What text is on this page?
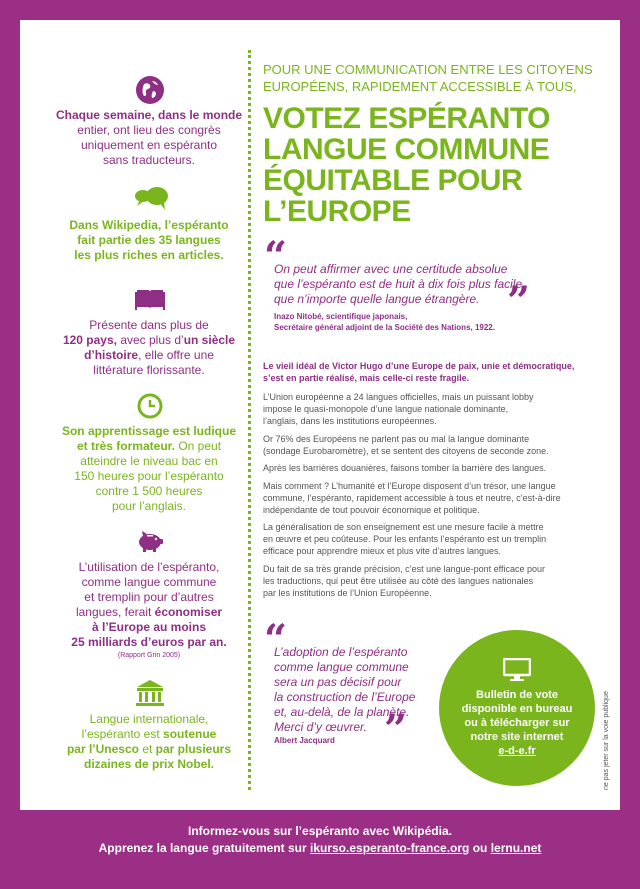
Chaque semaine, dans le monde
entier, ont lieu des congrès
uniquement en espéranto
sans traducteurs.
Dans Wikipedia, l’espéranto
fait partie des 35 langues
les plus riches en articles.
Présente dans plus de
120 pays, avec plus d’un siècle
d’histoire, elle offre une
littérature florissante.
Son apprentissage est ludique
et très formateur. On peut
atteindre le niveau bac en
150 heures pour l’espéranto
contre 1 500 heures
pour l’anglais.
L’utilisation de l’espéranto,
comme langue commune
et tremplin pour d’autres
langues, ferait économiser
à l’Europe au moins
25 milliards d’euros par an.
(Rapport Grin 2005)
Langue internationale,
l’espéranto est soutenue
par l’Unesco et par plusieurs
dizaines de prix Nobel.
POUR UNE COMMUNICATION ENTRE LES CITOYENS
EUROPÉENS, RAPIDEMENT ACCESSIBLE À TOUS,
VOTEZ ESPÉRANTO
LANGUE COMMUNE
ÉQUITABLE POUR
L’EUROPE
“
On peut affirmer avec une certitude absolue
que l’espéranto est de huit à dix fois plus facile
que n’importe quelle langue étrangère. ”
Inazo Nitobé, scientifique japonais,
Secrétaire général adjoint de la Société des Nations, 1922.
Le vieil idéal de Victor Hugo d’une Europe de paix, unie et démocratique,
s’est en partie réalisé, mais celle-ci reste fragile.
L’Union européenne a 24 langues officielles, mais un puissant lobby
impose le quasi-monopole d’une langue nationale dominante,
l’anglais, dans les institutions européennes.
Or 76% des Européens ne parlent pas ou mal la langue dominante
(sondage Eurobaromètre), et se sentent des citoyens de seconde zone.
Après les barrières douanières, faisons tomber la barrière des langues.
Mais comment ? L’humanité et l’Europe disposent d’un trésor, une langue
commune, l’espéranto, rapidement accessible à tous et neutre, c’est-à-dire
indépendante de tout pouvoir économique et politique.
La généralisation de son enseignement est une mesure facile à mettre
en œuvre et peu coûteuse. Pour les enfants l’espéranto est un tremplin
efficace pour apprendre mieux et plus vite d’autres langues.
Du fait de sa très grande précision, c’est une langue-pont efficace pour
les traductions, qui peut être utilisée au côté des langues nationales
par les institutions de l’Union Européenne.
“
L’adoption de l’espéranto
comme langue commune
sera un pas décisif pour
la construction de l’Europe
et, au-delà, de la planète.
Merci d’y œuvrer.
Albert Jacquard	”
Bulletin de vote
disponible en bureau
ou à télécharger sur
notre site internet
e-d-e.fr	ne pas jeter sur la voie publique
Informez-vous sur l’espéranto avec Wikipédia.
Apprenez la langue gratuitement sur ikurso.esperanto-france.org ou lernu.net
